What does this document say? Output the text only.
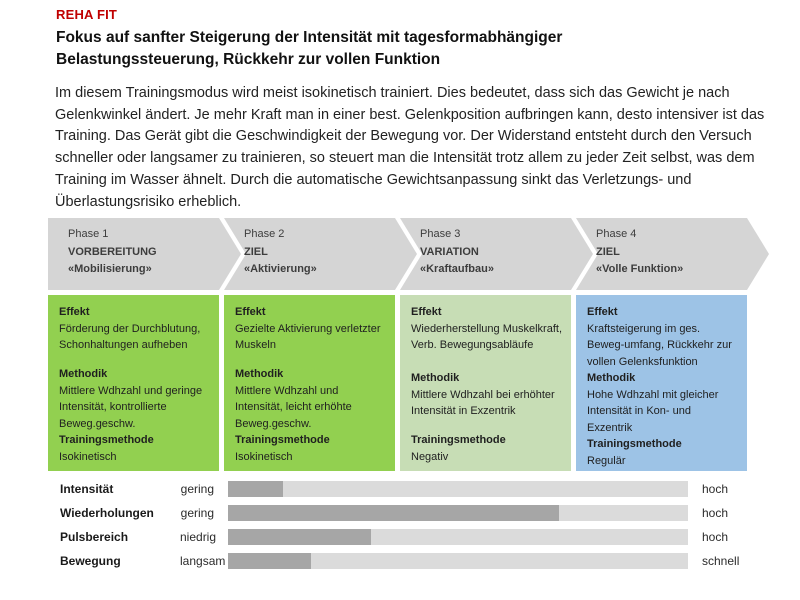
REHA FIT
Fokus auf sanfter Steigerung der Intensität mit tagesformabhängiger Belastungssteuerung, Rückkehr zur vollen Funktion
Im diesem Trainingsmodus wird meist isokinetisch trainiert. Dies bedeutet, dass sich das Gewicht je nach Gelenkwinkel ändert. Je mehr Kraft man in einer best. Gelenkposition aufbringen kann, desto intensiver ist das Training. Das Gerät gibt die Geschwindigkeit der Bewegung vor. Der Widerstand entsteht durch den Versuch schneller oder langsamer zu trainieren, so steuert man die Intensität trotz allem zu jeder Zeit selbst, was dem Training im Wasser ähnelt. Durch die automatische Gewichtsanpassung sinkt das Verletzungs- und Überlastungsrisiko erheblich.
Phase 1
VORBEREITUNG
«Mobilisierung»
Phase 2
ZIEL
«Aktivierung»
Phase 3
VARIATION
«Kraftaufbau»
Phase 4
ZIEL
«Volle Funktion»
Effekt
Förderung der Durchblutung, Schonhaltungen aufheben
Methodik
Mittlere Wdhzahl und geringe Intensität, kontrollierte Beweg.geschw.
Trainingsmethode
Isokinetisch
Effekt
Gezielte Aktivierung verletzter Muskeln
Methodik
Mittlere Wdhzahl und Intensität, leicht erhöhte Beweg.geschw.
Trainingsmethode
Isokinetisch
Effekt
Wiederherstellung Muskelkraft, Verb. Bewegungsabläufe
Methodik
Mittlere Wdhzahl bei erhöhter Intensität in Exzentrik
Trainingsmethode
Negativ
Effekt
Kraftsteigerung im ges. Beweg-umfang, Rückkehr zur vollen Gelenksfunktion
Methodik
Hohe Wdhzahl mit gleicher Intensität in Kon- und Exzentrik
Trainingsmethode
Regulär
Intensität	gering	hoch
Wiederholungen	gering	hoch
Pulsbereich	niedrig	hoch
Bewegung	langsam	schnell
